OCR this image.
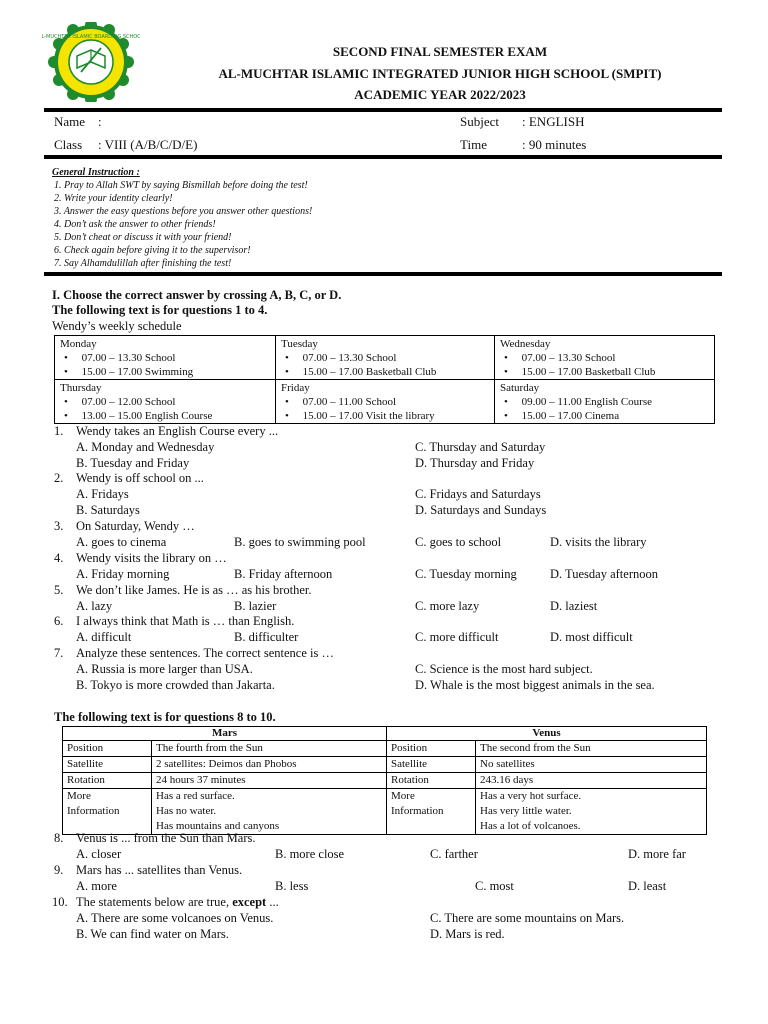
AL-MUCHTAR ISLAMIC BOARDING SCHOOL
SECOND FINAL SEMESTER EXAM
AL-MUCHTAR ISLAMIC INTEGRATED JUNIOR HIGH SCHOOL (SMPIT)
ACADEMIC YEAR 2022/2023
Name :
Class : VIII (A/B/C/D/E)
Subject : ENGLISH
Time	: 90 minutes
General Instruction :
1. Pray to Allah SWT by saying Bismillah before doing the test!
2. Write your identity clearly!
3. Answer the easy questions before you answer other questions!
4. Don’t ask the answer to other friends!
5. Don’t cheat or discuss it with your friend!
6. Check again before giving it to the supervisor!
7. Say Alhamdulillah after finishing the test!
I. Choose the correct answer by crossing A, B, C, or D.
The following text is for questions 1 to 4.
Wendy’s weekly schedule
Monday
•     07.00 – 13.30 School
•     15.00 – 17.00 Swimming	Tuesday
•     07.00 – 13.30 School
•     15.00 – 17.00 Basketball Club	Wednesday
•     07.00 – 13.30 School
•     15.00 – 17.00 Basketball Club

Thursday
•     07.00 – 12.00 School
•     13.00 – 15.00 English Course	Friday
•     07.00 – 11.00 School
•     15.00 – 17.00 Visit the library	Saturday
•     09.00 – 11.00 English Course
•     15.00 – 17.00 Cinema
1. Wendy takes an English Course every ...
A. Monday and Wednesday
B. Tuesday and Friday
C. Thursday and Saturday
D. Thursday and Friday
2. Wendy is off school on ...
A. Fridays
B. Saturdays
C. Fridays and Saturdays
D. Saturdays and Sundays
3. On Saturday, Wendy …
A. goes to cinema	B. goes to swimming pool	C. goes to school	D. visits the library
4. Wendy visits the library on …
A. Friday morning	B. Friday afternoon	C. Tuesday morning	D. Tuesday afternoon
5. We don’t like James. He is as … as his brother.
A. lazy	B. lazier	C. more lazy	D. laziest
6. I always think that Math is … than English.
A. difficult	B. difficulter	C. more difficult	D. most difficult
7. Analyze these sentences. The correct sentence is …
A. Russia is more larger than USA.
B. Tokyo is more crowded than Jakarta.
C. Science is the most hard subject.
D. Whale is the most biggest animals in the sea.
The following text is for questions 8 to 10.
Mars		Venus	
Position	The fourth from the Sun	Position	The second from the Sun
Satellite	2 satellites: Deimos dan Phobos	Satellite	No satellites
Rotation	24 hours 37 minutes	Rotation	243.16 days
More
Information	Has a red surface.
Has no water.
Has mountains and canyons	More
Information	Has a very hot surface.
Has very little water.
Has a lot of volcanoes.
8. Venus is ... from the Sun than Mars.
A. closer	B. more close	C. farther	D. more far
9. Mars has ... satellites than Venus.
A. more	B. less	C. most	D. least
10. The statements below are true, except ...
A. There are some volcanoes on Venus.
B. We can find water on Mars.
C. There are some mountains on Mars.
D. Mars is red.
